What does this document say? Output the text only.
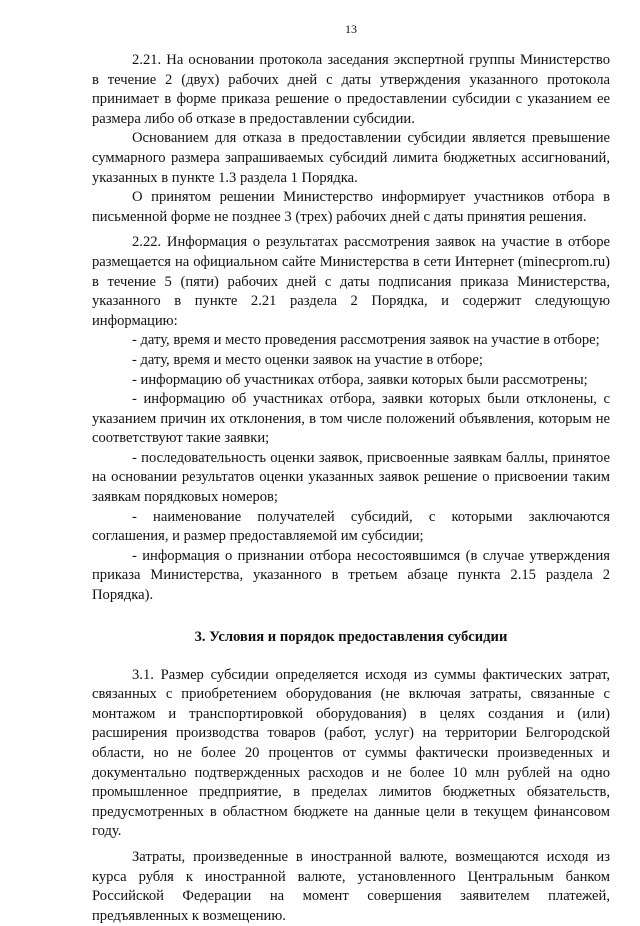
13

2.21. На основании протокола заседания экспертной группы Министерство в течение 2 (двух) рабочих дней с даты утверждения указанного протокола принимает в форме приказа решение о предоставлении субсидии с указанием ее размера либо об отказе в предоставлении субсидии.

Основанием для отказа в предоставлении субсидии является превышение суммарного размера запрашиваемых субсидий лимита бюджетных ассигнований, указанных в пункте 1.3 раздела 1 Порядка.

О принятом решении Министерство информирует участников отбора в письменной форме не позднее 3 (трех) рабочих дней с даты принятия решения.

2.22. Информация о результатах рассмотрения заявок на участие в отборе размещается на официальном сайте Министерства в сети Интернет (minecprom.ru) в течение 5 (пяти) рабочих дней с даты подписания приказа Министерства, указанного в пункте 2.21 раздела 2 Порядка, и содержит следующую информацию:

- дату, время и место проведения рассмотрения заявок на участие в отборе;

- дату, время и место оценки заявок на участие в отборе;

- информацию об участниках отбора, заявки которых были рассмотрены;

- информацию об участниках отбора, заявки которых были отклонены, с указанием причин их отклонения, в том числе положений объявления, которым не соответствуют такие заявки;

- последовательность оценки заявок, присвоенные заявкам баллы, принятое на основании результатов оценки указанных заявок решение о присвоении таким заявкам порядковых номеров;

- наименование получателей субсидий, с которыми заключаются соглашения, и размер предоставляемой им субсидии;

- информация о признании отбора несостоявшимся (в случае утверждения приказа Министерства, указанного в третьем абзаце пункта 2.15 раздела 2 Порядка).

3. Условия и порядок предоставления субсидии

3.1. Размер субсидии определяется исходя из суммы фактических затрат, связанных с приобретением оборудования (не включая затраты, связанные с монтажом и транспортировкой оборудования) в целях создания и (или) расширения производства товаров (работ, услуг) на территории Белгородской области, но не более 20 процентов от суммы фактически произведенных и документально подтвержденных расходов и не более 10 млн рублей на одно промышленное предприятие, в пределах лимитов бюджетных обязательств, предусмотренных в областном бюджете на данные цели в текущем финансовом году.

Затраты, произведенные в иностранной валюте, возмещаются исходя из курса рубля к иностранной валюте, установленного Центральным банком Российской Федерации на момент совершения заявителем платежей, предъявленных к возмещению.
